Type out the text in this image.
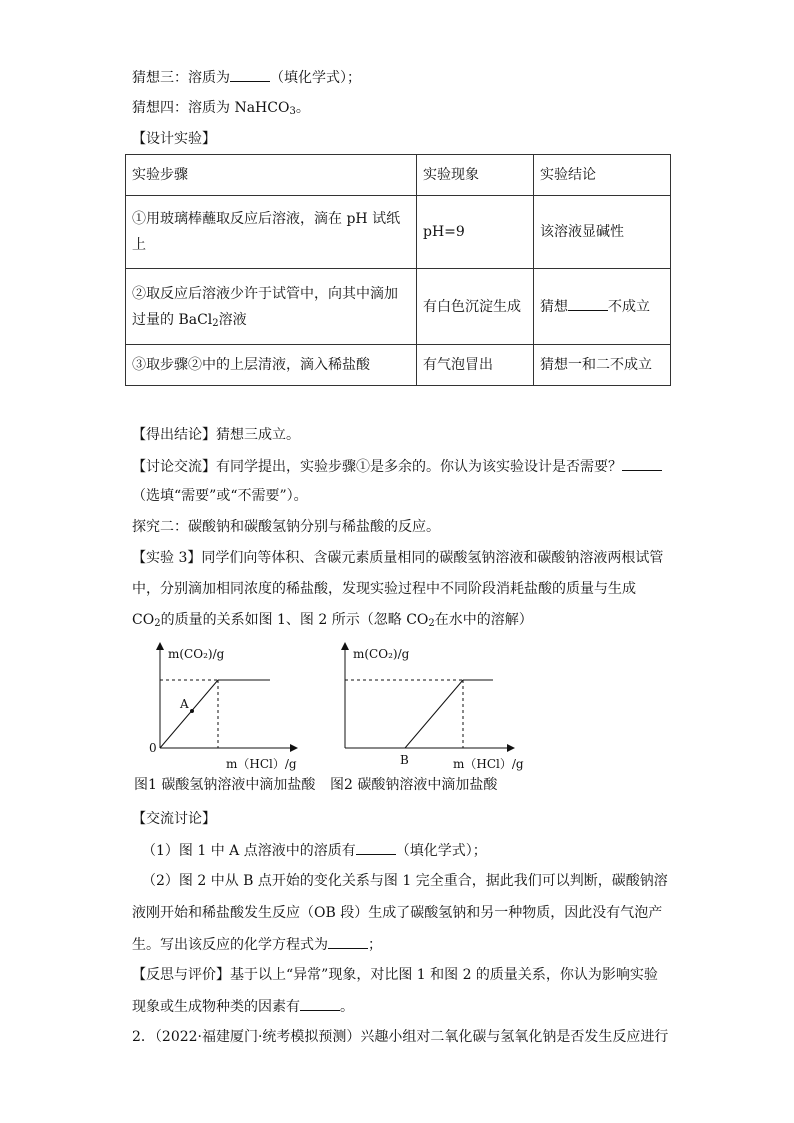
猜想三：溶质为	（填化学式）；
猜想四：溶质为 NaHCO$_3$。
【设计实验】
实验步骤	实验现象	实验结论

①用玻璃棒蘸取反应后溶液，滴在 pH 试纸
上	pH=9	该溶液显碱性

②取反应后溶液少许于试管中，向其中滴加
过量的 BaCl$_2$溶液	有白色沉淀生成	猜想 不成立
③取步骤②中的上层清液，滴入稀盐酸	有气泡冒出	猜想一和二不成立
【得出结论】猜想三成立。
【讨论交流】有同学提出，实验步骤①是多余的。你认为该实验设计是否需要？
（选填“需要”或“不需要”）。
探究二：碳酸钠和碳酸氢钠分别与稀盐酸的反应。
【实验 3】同学们向等体积、含碳元素质量相同的碳酸氢钠溶液和碳酸钠溶液两根试管
中，分别滴加相同浓度的稀盐酸，发现实验过程中不同阶段消耗盐酸的质量与生成
$CO_2$的质量的关系如图 1、图 2 所示（忽略 $CO_2$在水中的溶解）
m(CO₂)/g
0
A
m（HCl）/g
m(CO₂)/g
B	m（HCl）/g
图1 碳酸氢钠溶液中滴加盐酸 图2 碳酸钠溶液中滴加盐酸
【交流讨论】
（1）图 1 中 A 点溶液中的溶质有	（填化学式）；
（2）图 2 中从 B 点开始的变化关系与图 1 完全重合，据此我们可以判断，碳酸钠溶
液刚开始和稀盐酸发生反应（OB 段）生成了碳酸氢钠和另一种物质，因此没有气泡产
生。写出该反应的化学方程式为	；
【反思与评价】基于以上“异常”现象，对比图 1 和图 2 的质量关系，你认为影响实验
现象或生成物种类的因素有	。
2．（2022·福建厦门·统考模拟预测）兴趣小组对二氧化碳与氢氧化钠是否发生反应进行
